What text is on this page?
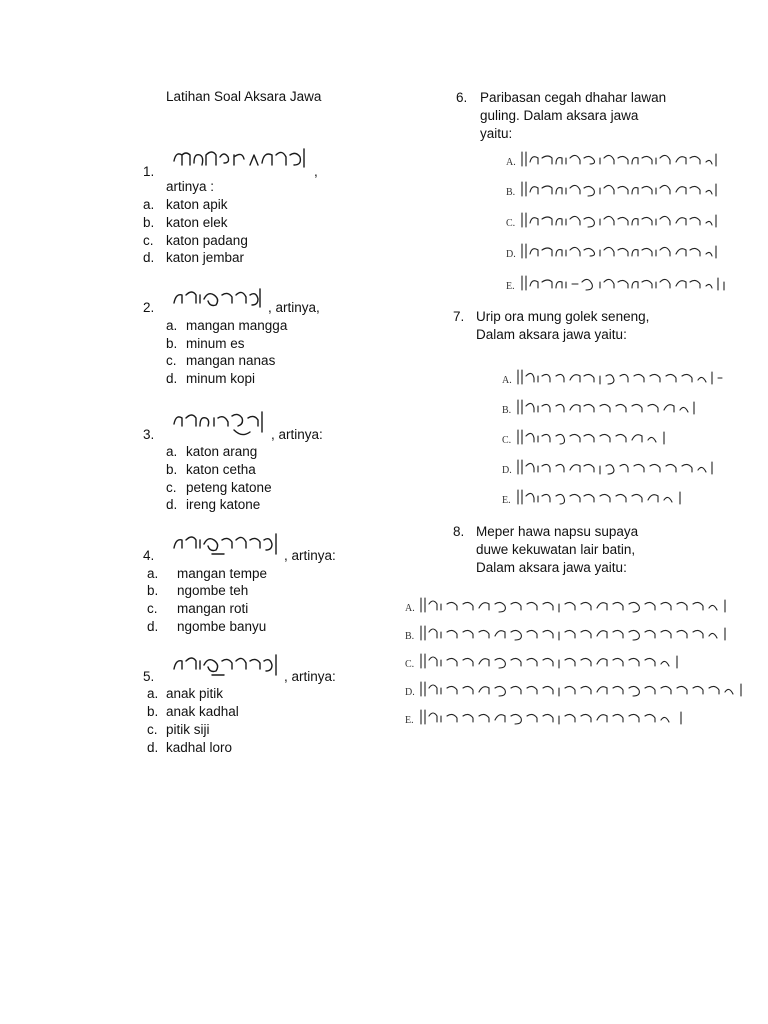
Latihan Soal Aksara Jawa
1.	,
artinya :
a. katon apik
b. katon elek
c. katon padang
d. katon jembar
2.	, artinya,
a. mangan mangga
b. minum es
c. mangan nanas
d. minum kopi
3.	, artinya:
a. katon arang
b. katon cetha
c. peteng katone
d. ireng katone
4.	, artinya:
a. mangan tempe
b. ngombe teh
c. mangan roti
d. ngombe banyu
5.	, artinya:
a. anak pitik
b. anak kadhal
c. pitik siji
d. kadhal loro
6. Paribasan cegah dhahar lawan
guling. Dalam aksara jawa
yaitu:
A.
B.
C.
D.
E.
7. Urip ora mung golek seneng,
Dalam aksara jawa yaitu:
A.
B.
C.
D.
E.
8. Meper hawa napsu supaya
duwe kekuwatan lair batin,
Dalam aksara jawa yaitu:
A.
B.
C.
D.
E.
